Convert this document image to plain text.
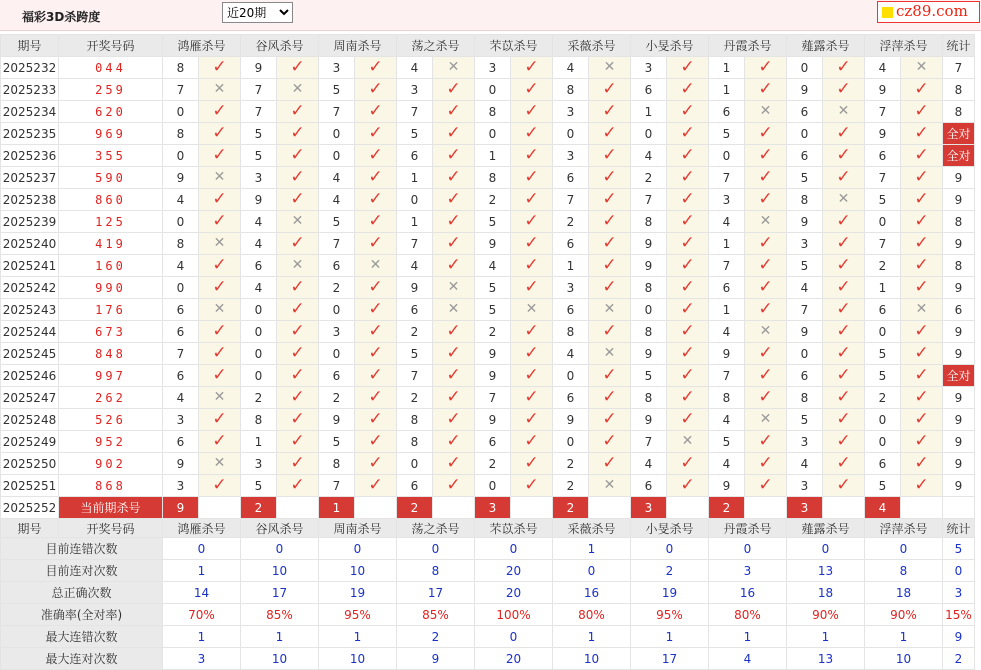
福彩3D杀跨度
近20期	cz89.com
期号	开奖号码	鸿雁杀号		谷风杀号		周南杀号		荡之杀号		芣苡杀号		采薇杀号		小旻杀号		丹霞杀号		薤露杀号		浮萍杀号		统计
2025232	044	8	✓	9	✓	3	✓	4	✕	3	✓	4	✕	3	✓	1	✓	0	✓	4	✕	7
2025233	259	7	✕	7	✕	5	✓	3	✓	0	✓	8	✓	6	✓	1	✓	9	✓	9	✓	8
2025234	620	0	✓	7	✓	7	✓	7	✓	8	✓	3	✓	1	✓	6	✕	6	✕	7	✓	8
2025235	969	8	✓	5	✓	0	✓	5	✓	0	✓	0	✓	0	✓	5	✓	0	✓	9	✓	全对
2025236	355	0	✓	5	✓	0	✓	6	✓	1	✓	3	✓	4	✓	0	✓	6	✓	6	✓	全对
2025237	590	9	✕	3	✓	4	✓	1	✓	8	✓	6	✓	2	✓	7	✓	5	✓	7	✓	9
2025238	860	4	✓	9	✓	4	✓	0	✓	2	✓	7	✓	7	✓	3	✓	8	✕	5	✓	9
2025239	125	0	✓	4	✕	5	✓	1	✓	5	✓	2	✓	8	✓	4	✕	9	✓	0	✓	8
2025240	419	8	✕	4	✓	7	✓	7	✓	9	✓	6	✓	9	✓	1	✓	3	✓	7	✓	9
2025241	160	4	✓	6	✕	6	✕	4	✓	4	✓	1	✓	9	✓	7	✓	5	✓	2	✓	8
2025242	990	0	✓	4	✓	2	✓	9	✕	5	✓	3	✓	8	✓	6	✓	4	✓	1	✓	9
2025243	176	6	✕	0	✓	0	✓	6	✕	5	✕	6	✕	0	✓	1	✓	7	✓	6	✕	6
2025244	673	6	✓	0	✓	3	✓	2	✓	2	✓	8	✓	8	✓	4	✕	9	✓	0	✓	9
2025245	848	7	✓	0	✓	0	✓	5	✓	9	✓	4	✕	9	✓	9	✓	0	✓	5	✓	9
2025246	997	6	✓	0	✓	6	✓	7	✓	9	✓	0	✓	5	✓	7	✓	6	✓	5	✓	全对
2025247	262	4	✕	2	✓	2	✓	2	✓	7	✓	6	✓	8	✓	8	✓	8	✓	2	✓	9
2025248	526	3	✓	8	✓	9	✓	8	✓	9	✓	9	✓	9	✓	4	✕	5	✓	0	✓	9
2025249	952	6	✓	1	✓	5	✓	8	✓	6	✓	0	✓	7	✕	5	✓	3	✓	0	✓	9
2025250	902	9	✕	3	✓	8	✓	0	✓	2	✓	2	✓	4	✓	4	✓	4	✓	6	✓	9
2025251	868	3	✓	5	✓	7	✓	6	✓	0	✓	2	✕	6	✓	9	✓	3	✓	5	✓	9
2025252	当前期杀号	9		2		1		2		3		2		3		2		3		4		
期号	开奖号码	鸿雁杀号		谷风杀号		周南杀号		荡之杀号		芣苡杀号		采薇杀号		小旻杀号		丹霞杀号		薤露杀号		浮萍杀号		统计
目前连错次数		0		0		0		0		0		1		0		0		0		0		5
目前连对次数		1		10		10		8		20		0		2		3		13		8		0
总正确次数		14		17		19		17		20		16		19		16		18		18		3
准确率(全对率)		70%		85%		95%		85%		100%		80%		95%		80%		90%		90%		15%
最大连错次数		1		1		1		2		0		1		1		1		1		1		9
最大连对次数		3		10		10		9		20		10		17		4		13		10		2
